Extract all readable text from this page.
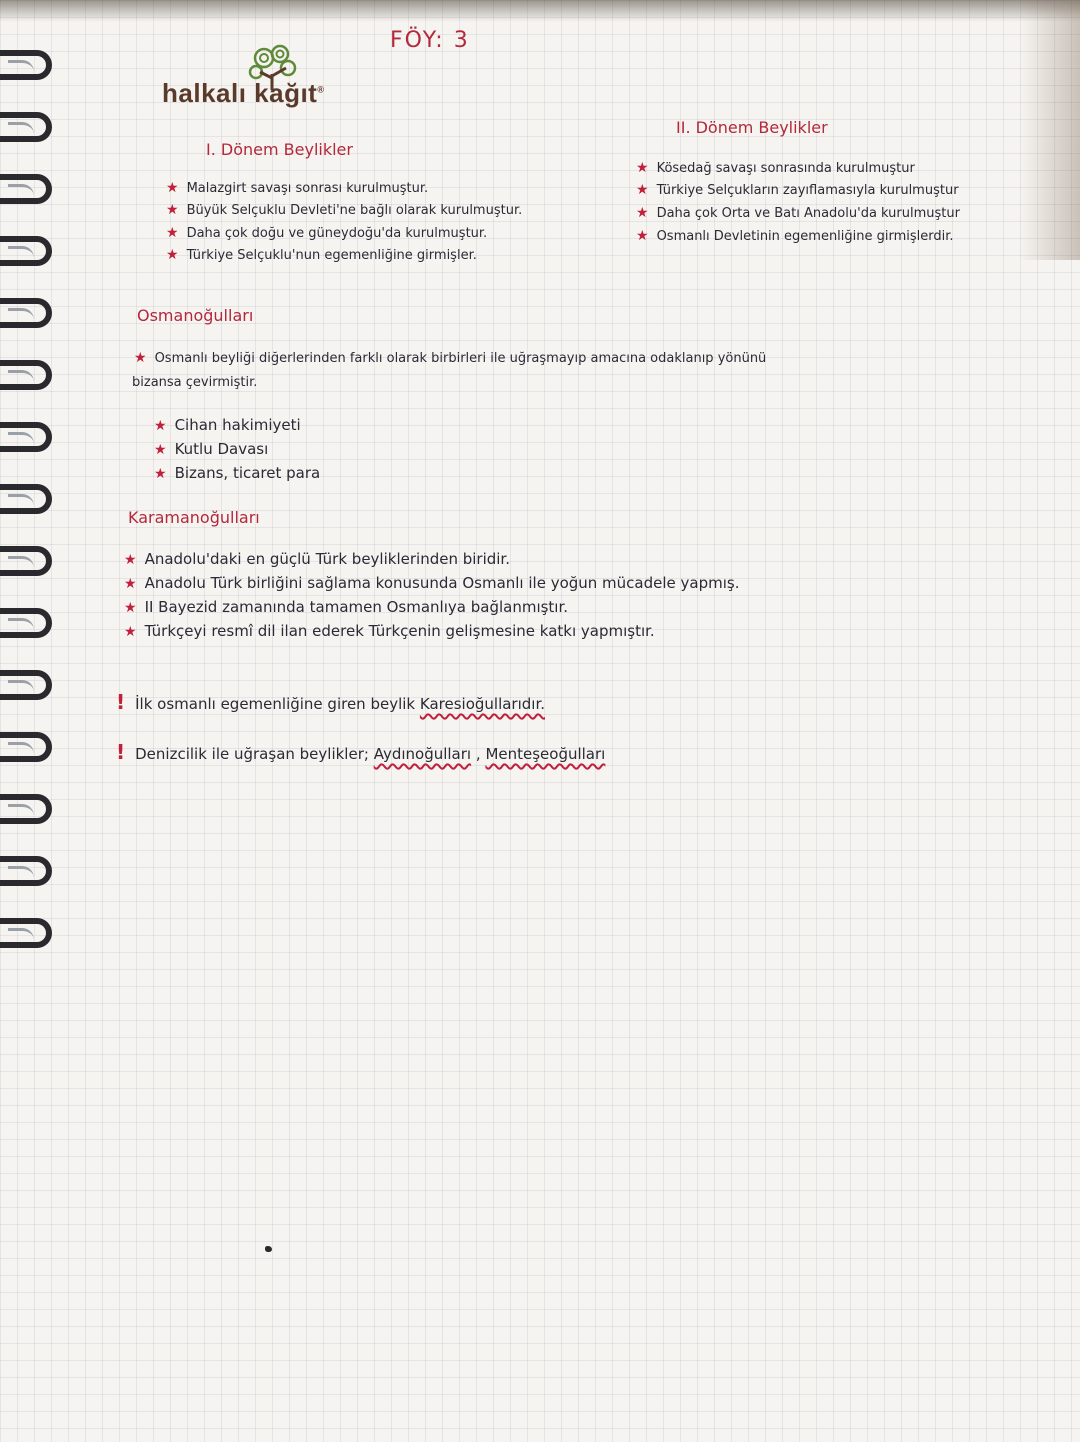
FÖY: 3
halkalı kağıt®
I. Dönem Beylikler
★ Malazgirt savaşı sonrası kurulmuştur.
★ Büyük Selçuklu Devleti'ne bağlı olarak kurulmuştur.
★ Daha çok doğu ve güneydoğu'da kurulmuştur.
★ Türkiye Selçuklu'nun egemenliğine girmişler.
II. Dönem Beylikler
★ Kösedağ savaşı sonrasında kurulmuştur
★ Türkiye Selçukların zayıflamasıyla kurulmuştur
★ Daha çok Orta ve Batı Anadolu'da kurulmuştur
★ Osmanlı Devletinin egemenliğine girmişlerdir.
Osmanoğulları
★ Osmanlı beyliği diğerlerinden farklı olarak birbirleri ile uğraşmayıp amacına odaklanıp yönünü
bizansa çevirmiştir.
★ Cihan hakimiyeti
★ Kutlu Davası
★ Bizans, ticaret para
Karamanoğulları
★ Anadolu'daki en güçlü Türk beyliklerinden biridir.
★ Anadolu Türk birliğini sağlama konusunda Osmanlı ile yoğun mücadele yapmış.
★ II Bayezid zamanında tamamen Osmanlıya bağlanmıştır.
★ Türkçeyi resmî dil ilan ederek Türkçenin gelişmesine katkı yapmıştır.
! İlk osmanlı egemenliğine giren beylik Karesioğullarıdır.
! Denizcilik ile uğraşan beylikler; Aydınoğulları , Menteşeoğulları
